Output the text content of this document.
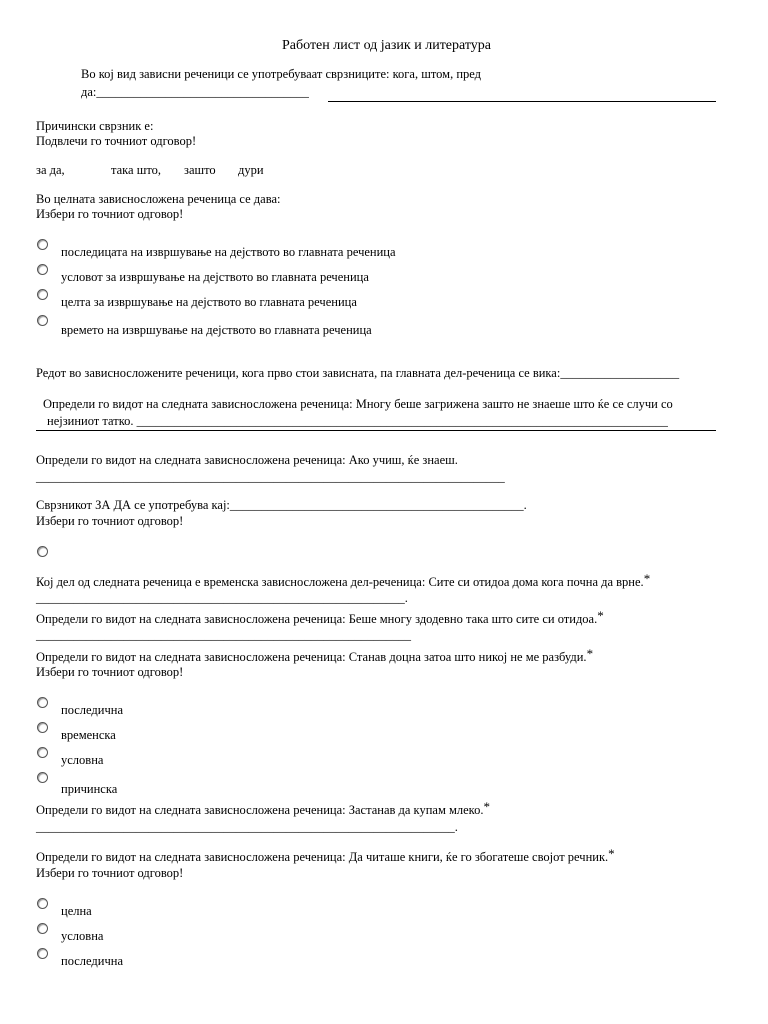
Работен лист од јазик и литература
Во кој вид зависни реченици се употребуваат сврзниците: кога, штом, пред
да:__________________________________
Причински сврзник е:
Подвлечи го точниот одговор!
за да,	така што, зашто дури
Во целната зависносложена реченица се дава:
Избери го точниот одговор!
последицата на извршување на дејството во главната реченица
условот за извршување на дејството во главната реченица
целта за извршување на дејството во главната реченица
времето на извршување на дејството во главната реченица
Редот во зависносложените реченици, кога прво стои зависната, па главната дел-реченица се вика:___________________
Определи го видот на следната зависносложена реченица: Многу беше загрижена зашто не знаеше што ќе се случи со
нејзиниот татко. _____________________________________________________________________________________
Определи го видот на следната зависносложена реченица: Ако учиш, ќе знаеш.
___________________________________________________________________________
Сврзникот ЗА ДА се употребува кај:_______________________________________________.
Избери го точниот одговор!
Кој дел од следната реченица е временска зависносложена дел-реченица: Сите си отидоа дома кога почна да врне.*
___________________________________________________________.
Определи го видот на следната зависносложена реченица: Беше многу здодевно така што сите си отидоа.*
____________________________________________________________
Определи го видот на следната зависносложена реченица: Станав доцна затоа што никој не ме разбуди.*
Избери го точниот одговор!
последична
временска
условна
причинска
Определи го видот на следната зависносложена реченица: Застанав да купам млеко.*
___________________________________________________________________.
Определи го видот на следната зависносложена реченица: Да читаше книги, ќе го збогатеше својот речник.*
Избери го точниот одговор!
целна
условна
последична
